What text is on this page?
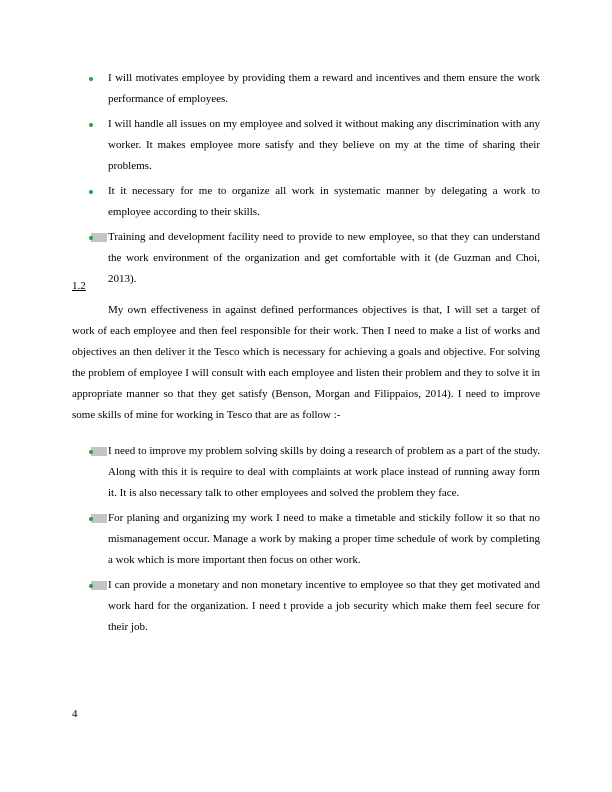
I will motivates employee by providing them a reward and incentives and them ensure the work performance of employees.
I will handle all issues on my employee and solved it without making any discrimination with any worker. It makes employee more satisfy and they believe on my at the time of sharing their problems.
It it necessary for me to organize all work in systematic manner by delegating a work to employee according to their skills.
Training and development facility need to provide to new employee, so that they can understand the work environment of the organization and get comfortable with it (de Guzman and Choi, 2013).
1.2

My own effectiveness in against defined performances objectives is that, I will set a target of work of each employee and then feel responsible for their work. Then I need to make a list of works and objectives an then deliver it the Tesco which is necessary for achieving a goals and objective. For solving the problem of employee I will consult with each employee and listen their problem and they to solve it in appropriate manner so that they get satisfy (Benson, Morgan and Filippaios, 2014). I need to improve some skills of mine for working in Tesco that are as follow :-

I need to improve my problem solving skills by doing a research of problem as a part of the study. Along with this it is require to deal with complaints at work place instead of running away form it. It is also necessary talk to other employees and solved the problem they face.
For planing and organizing my work I need to make a timetable and stickily follow it so that no mismanagement occur. Manage a work by making a proper time schedule of work by completing a wok which is more important then focus on other work.
I can provide a monetary and non monetary incentive to employee so that they get motivated and work hard for the organization. I need t provide a job security which make them feel secure for their job.
4
